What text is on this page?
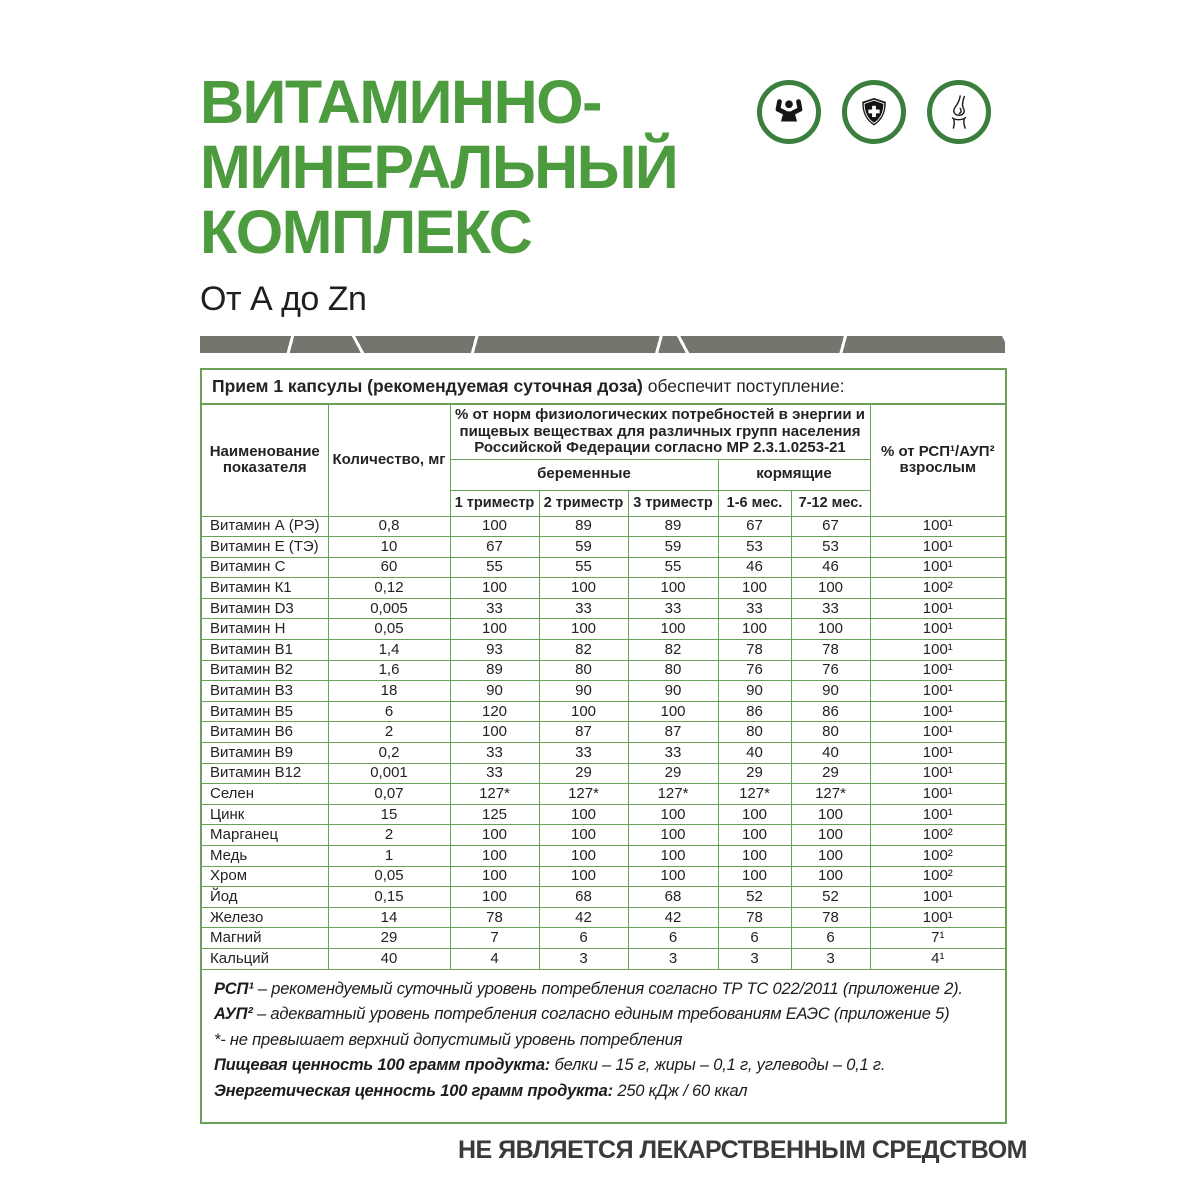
ВИТАМИННО-
МИНЕРАЛЬНЫЙ
КОМПЛЕКС
От А до Zn
Прием 1 капсулы (рекомендуемая суточная доза) обеспечит поступление:							
Наименование показателя	Количество, мг	% от норм физиологических потребностей в энергии и пищевых веществах для различных групп населения Российской Федерации согласно МР 2.3.1.0253-21					% от РСП¹/АУП² взрослым
		беременные			кормящие		
		1 триместр	2 триместр	3 триместр	1-6 мес.	7-12 мес.	
Витамин А (РЭ)	0,8	100	89	89	67	67	100¹
Витамин Е (ТЭ)	10	67	59	59	53	53	100¹
Витамин С	60	55	55	55	46	46	100¹
Витамин К1	0,12	100	100	100	100	100	100²
Витамин D3	0,005	33	33	33	33	33	100¹
Витамин Н	0,05	100	100	100	100	100	100¹
Витамин В1	1,4	93	82	82	78	78	100¹
Витамин В2	1,6	89	80	80	76	76	100¹
Витамин В3	18	90	90	90	90	90	100¹
Витамин В5	6	120	100	100	86	86	100¹
Витамин В6	2	100	87	87	80	80	100¹
Витамин В9	0,2	33	33	33	40	40	100¹
Витамин В12	0,001	33	29	29	29	29	100¹
Селен	0,07	127*	127*	127*	127*	127*	100¹
Цинк	15	125	100	100	100	100	100¹
Марганец	2	100	100	100	100	100	100²
Медь	1	100	100	100	100	100	100²
Хром	0,05	100	100	100	100	100	100²
Йод	0,15	100	68	68	52	52	100¹
Железо	14	78	42	42	78	78	100¹
Магний	29	7	6	6	6	6	7¹
Кальций	40	4	3	3	3	3	4¹

РСП¹ – рекомендуемый суточный уровень потребления согласно ТР ТС 022/2011 (приложение 2).
АУП² – адекватный уровень потребления согласно единым требованиям ЕАЭС (приложение 5)
*- не превышает верхний допустимый уровень потребления
Пищевая ценность 100 грамм продукта: белки – 15 г, жиры – 0,1 г, углеводы – 0,1 г.
Энергетическая ценность 100 грамм продукта: 250 кДж / 60 ккал							
НЕ ЯВЛЯЕТСЯ ЛЕКАРСТВЕННЫМ СРЕДСТВОМ
